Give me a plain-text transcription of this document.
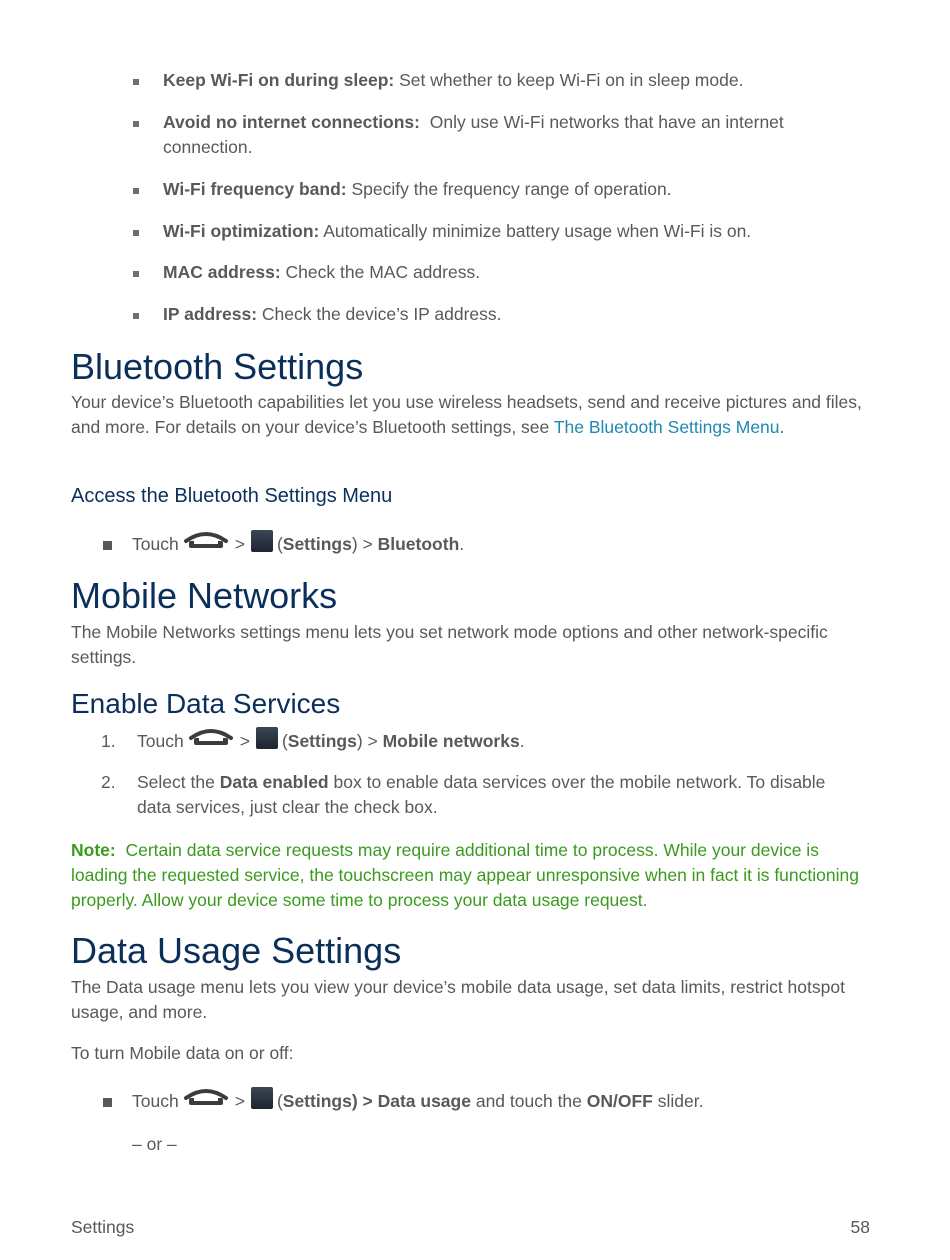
Keep Wi-Fi on during sleep: Set whether to keep Wi-Fi on in sleep mode.
Avoid no internet connections:  Only use Wi-Fi networks that have an internet connection.
Wi-Fi frequency band: Specify the frequency range of operation.
Wi-Fi optimization: Automatically minimize battery usage when Wi-Fi is on.
MAC address: Check the MAC address.
IP address: Check the device’s IP address.
Bluetooth Settings
Your device’s Bluetooth capabilities let you use wireless headsets, send and receive pictures and files, and more. For details on your device’s Bluetooth settings, see The Bluetooth Settings Menu.
Access the Bluetooth Settings Menu
Touch	> (Settings) > Bluetooth.
Mobile Networks
The Mobile Networks settings menu lets you set network mode options and other network-specific settings.
Enable Data Services
1. Touch	> (Settings) > Mobile networks.
2. Select the Data enabled box to enable data services over the mobile network. To disable data services, just clear the check box.
Note:  Certain data service requests may require additional time to process. While your device is loading the requested service, the touchscreen may appear unresponsive when in fact it is functioning properly. Allow your device some time to process your data usage request.
Data Usage Settings
The Data usage menu lets you view your device’s mobile data usage, set data limits, restrict hotspot usage, and more.
To turn Mobile data on or off:
Touch	> (Settings) > Data usage and touch the ON/OFF slider.
– or –
Settings	58
